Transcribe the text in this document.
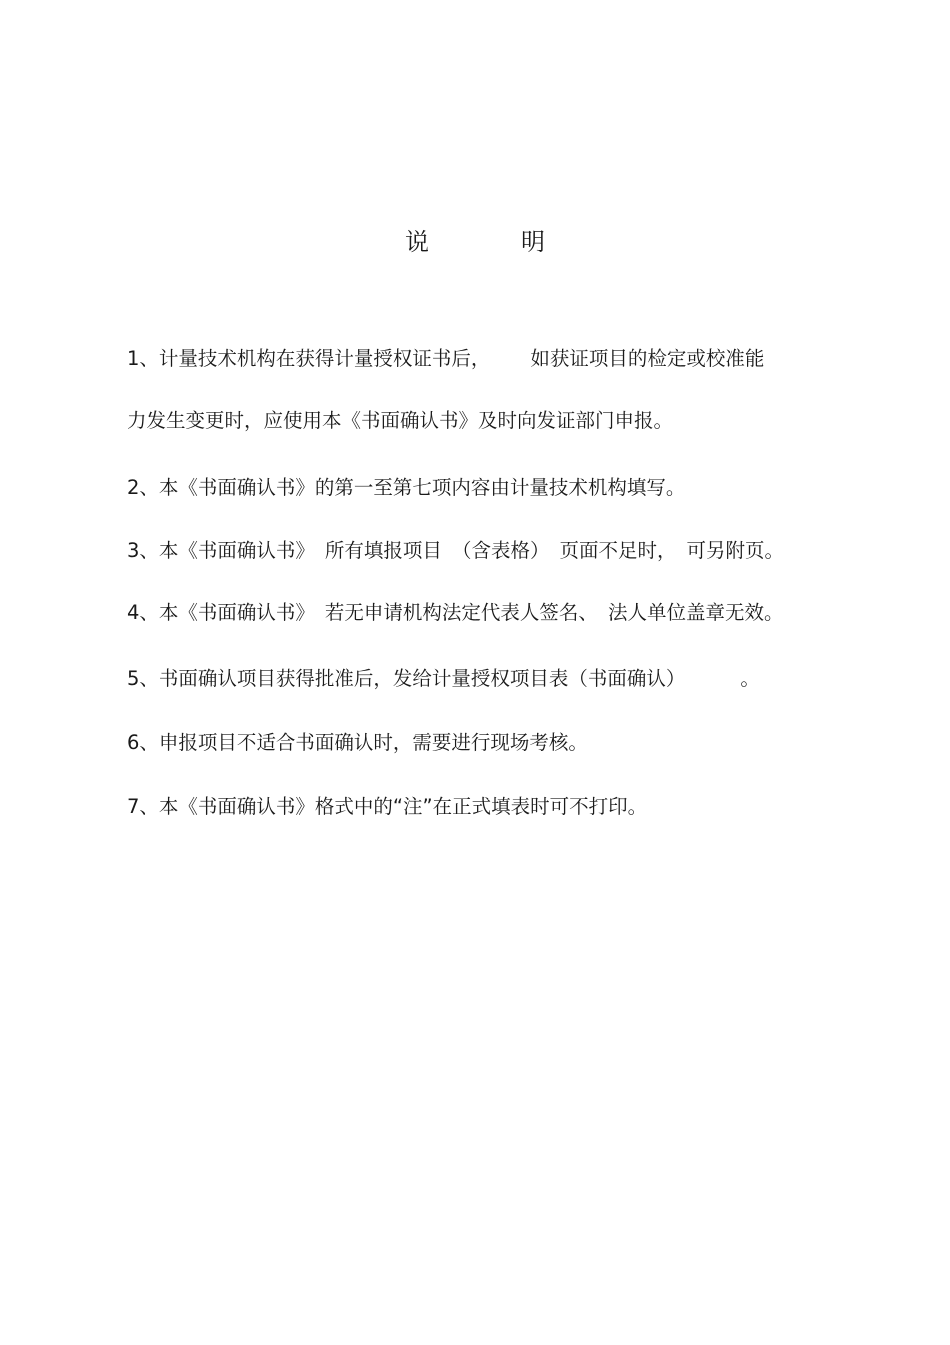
说	明
1、计量技术机构在获得计量授权证书后， 如获证项目的检定或校准能
力发生变更时，应使用本《书面确认书》及时向发证部门申报。
2、本《书面确认书》的第一至第七项内容由计量技术机构填写。
3、本《书面确认书》 所有填报项目 （含表格） 页面不足时， 可另附页。
4、本《书面确认书》 若无申请机构法定代表人签名、 法人单位盖章无效。
5、书面确认项目获得批准后，发给计量授权项目表（书面确认）	。
6、申报项目不适合书面确认时，需要进行现场考核。
7、本《书面确认书》格式中的“注”在正式填表时可不打印。
